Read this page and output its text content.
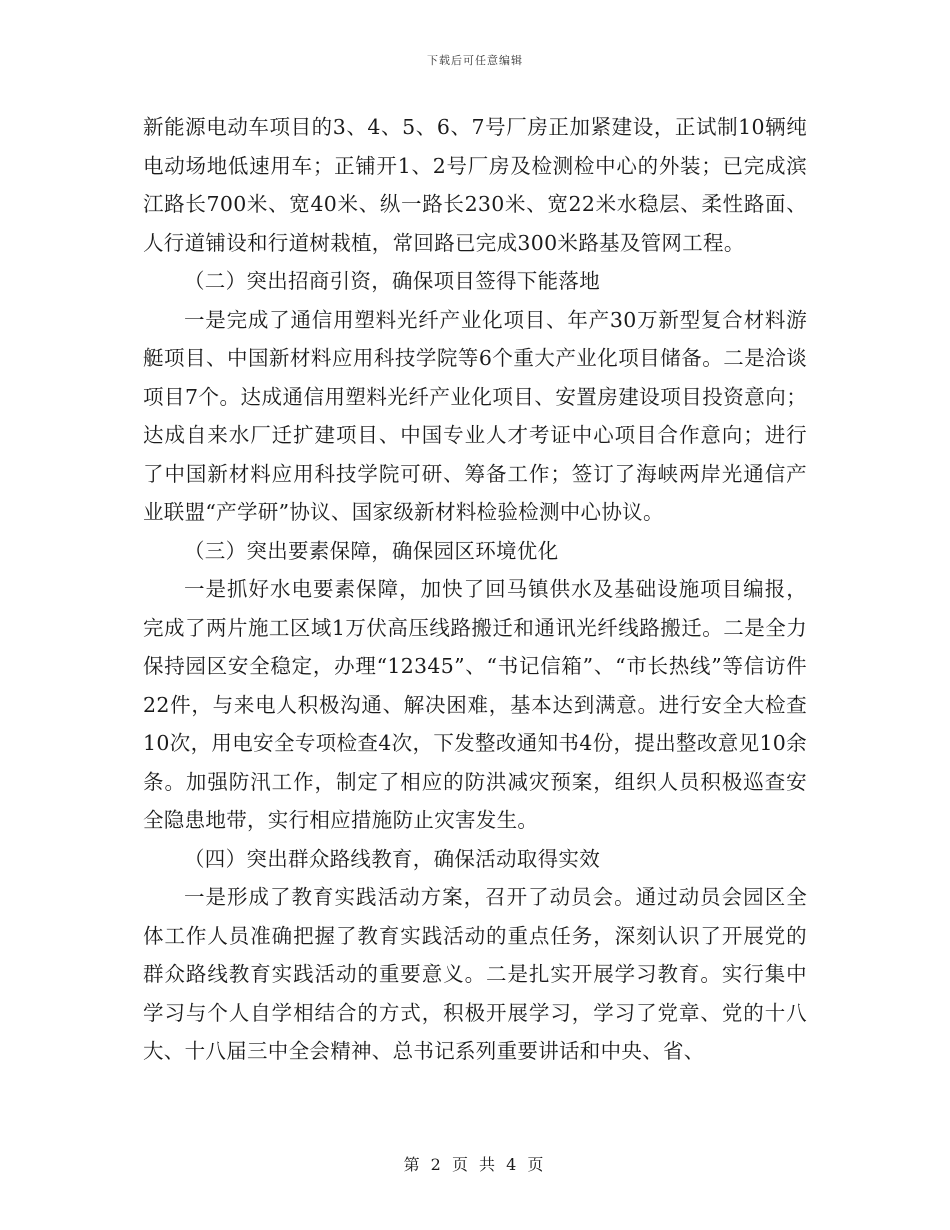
下载后可任意编辑

新能源电动车项目的3、4、5、6、7号厂房正加紧建设，正试制10辆纯电动场地低速用车；正铺开1、2号厂房及检测检中心的外装；已完成滨江路长700米、宽40米、纵一路长230米、宽22米水稳层、柔性路面、人行道铺设和行道树栽植，常回路已完成300米路基及管网工程。

（二）突出招商引资，确保项目签得下能落地

一是完成了通信用塑料光纤产业化项目、年产30万新型复合材料游艇项目、中国新材料应用科技学院等6个重大产业化项目储备。二是洽谈项目7个。达成通信用塑料光纤产业化项目、安置房建设项目投资意向；达成自来水厂迁扩建项目、中国专业人才考证中心项目合作意向；进行了中国新材料应用科技学院可研、筹备工作；签订了海峡两岸光通信产业联盟“产学研”协议、国家级新材料检验检测中心协议。

（三）突出要素保障，确保园区环境优化

一是抓好水电要素保障，加快了回马镇供水及基础设施项目编报，完成了两片施工区域1万伏高压线路搬迁和通讯光纤线路搬迁。二是全力保持园区安全稳定，办理“12345”、“书记信箱”、“市长热线”等信访件22件，与来电人积极沟通、解决困难，基本达到满意。进行安全大检查10次，用电安全专项检查4次，下发整改通知书4份，提出整改意见10余条。加强防汛工作，制定了相应的防洪减灾预案，组织人员积极巡查安全隐患地带，实行相应措施防止灾害发生。

（四）突出群众路线教育，确保活动取得实效

一是形成了教育实践活动方案，召开了动员会。通过动员会园区全体工作人员准确把握了教育实践活动的重点任务，深刻认识了开展党的群众路线教育实践活动的重要意义。二是扎实开展学习教育。实行集中学习与个人自学相结合的方式，积极开展学习，学习了党章、党的十八大、十八届三中全会精神、总书记系列重要讲话和中央、省、

第 2 页 共 4 页
